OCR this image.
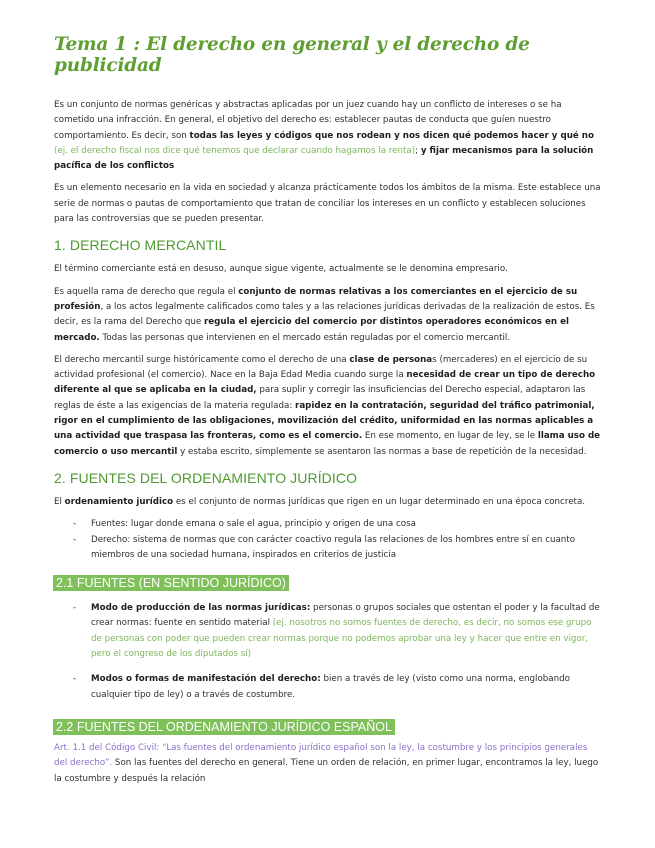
Tema 1 : El derecho en general y el derecho de publicidad

Es un conjunto de normas genéricas y abstractas aplicadas por un juez cuando hay un conflicto de intereses o se ha cometido una infracción. En general, el objetivo del derecho es: establecer pautas de conducta que guíen nuestro comportamiento. Es decir, son todas las leyes y códigos que nos rodean y nos dicen qué podemos hacer y qué no (ej. el derecho fiscal nos dice qué tenemos que declarar cuando hagamos la renta); y fijar mecanismos para la solución pacífica de los conflictos

Es un elemento necesario en la vida en sociedad y alcanza prácticamente todos los ámbitos de la misma. Este establece una serie de normas o pautas de comportamiento que tratan de conciliar los intereses en un conflicto y establecen soluciones para las controversias que se pueden presentar.

1. DERECHO MERCANTIL

El término comerciante está en desuso, aunque sigue vigente, actualmente se le denomina empresario.

Es aquella rama de derecho que regula el conjunto de normas relativas a los comerciantes en el ejercicio de su profesión, a los actos legalmente calificados como tales y a las relaciones jurídicas derivadas de la realización de estos. Es decir, es la rama del Derecho que regula el ejercicio del comercio por distintos operadores económicos en el mercado. Todas las personas que intervienen en el mercado están reguladas por el comercio mercantil.

El derecho mercantil surge históricamente como el derecho de una clase de personas (mercaderes) en el ejercicio de su actividad profesional (el comercio). Nace en la Baja Edad Media cuando surge la necesidad de crear un tipo de derecho diferente al que se aplicaba en la ciudad, para suplir y corregir las insuficiencias del Derecho especial, adaptaron las reglas de éste a las exigencias de la materia regulada: rapidez en la contratación, seguridad del tráfico patrimonial, rigor en el cumplimiento de las obligaciones, movilización del crédito, uniformidad en las normas aplicables a una actividad que traspasa las fronteras, como es el comercio. En ese momento, en lugar de ley, se le llama uso de comercio o uso mercantil y estaba escrito, simplemente se asentaron las normas a base de repetición de la necesidad.

2. FUENTES DEL ORDENAMIENTO JURÍDICO

El ordenamiento jurídico es el conjunto de normas jurídicas que rigen en un lugar determinado en una época concreta.

- Fuentes: lugar donde emana o sale el agua, principio y origen de una cosa
- Derecho: sistema de normas que con carácter coactivo regula las relaciones de los hombres entre sí en cuanto miembros de una sociedad humana, inspirados en criterios de justicia
2.1 FUENTES (EN SENTIDO JURÍDICO)
- Modo de producción de las normas jurídicas: personas o grupos sociales que ostentan el poder y la facultad de crear normas: fuente en sentido material (ej. nosotros no somos fuentes de derecho, es decir, no somos ese grupo de personas con poder que pueden crear normas porque no podemos aprobar una ley y hacer que entre en vigor, pero el congreso de los diputados sí)
- Modos o formas de manifestación del derecho: bien a través de ley (visto como una norma, englobando cualquier tipo de ley) o a través de costumbre.
2.2 FUENTES DEL ORDENAMIENTO JURÍDICO ESPAÑOL

Art. 1.1 del Código Civil: “Las fuentes del ordenamiento jurídico español son la ley, la costumbre y los principios generales del derecho”. Son las fuentes del derecho en general. Tiene un orden de relación, en primer lugar, encontramos la ley, luego la costumbre y después la relación
